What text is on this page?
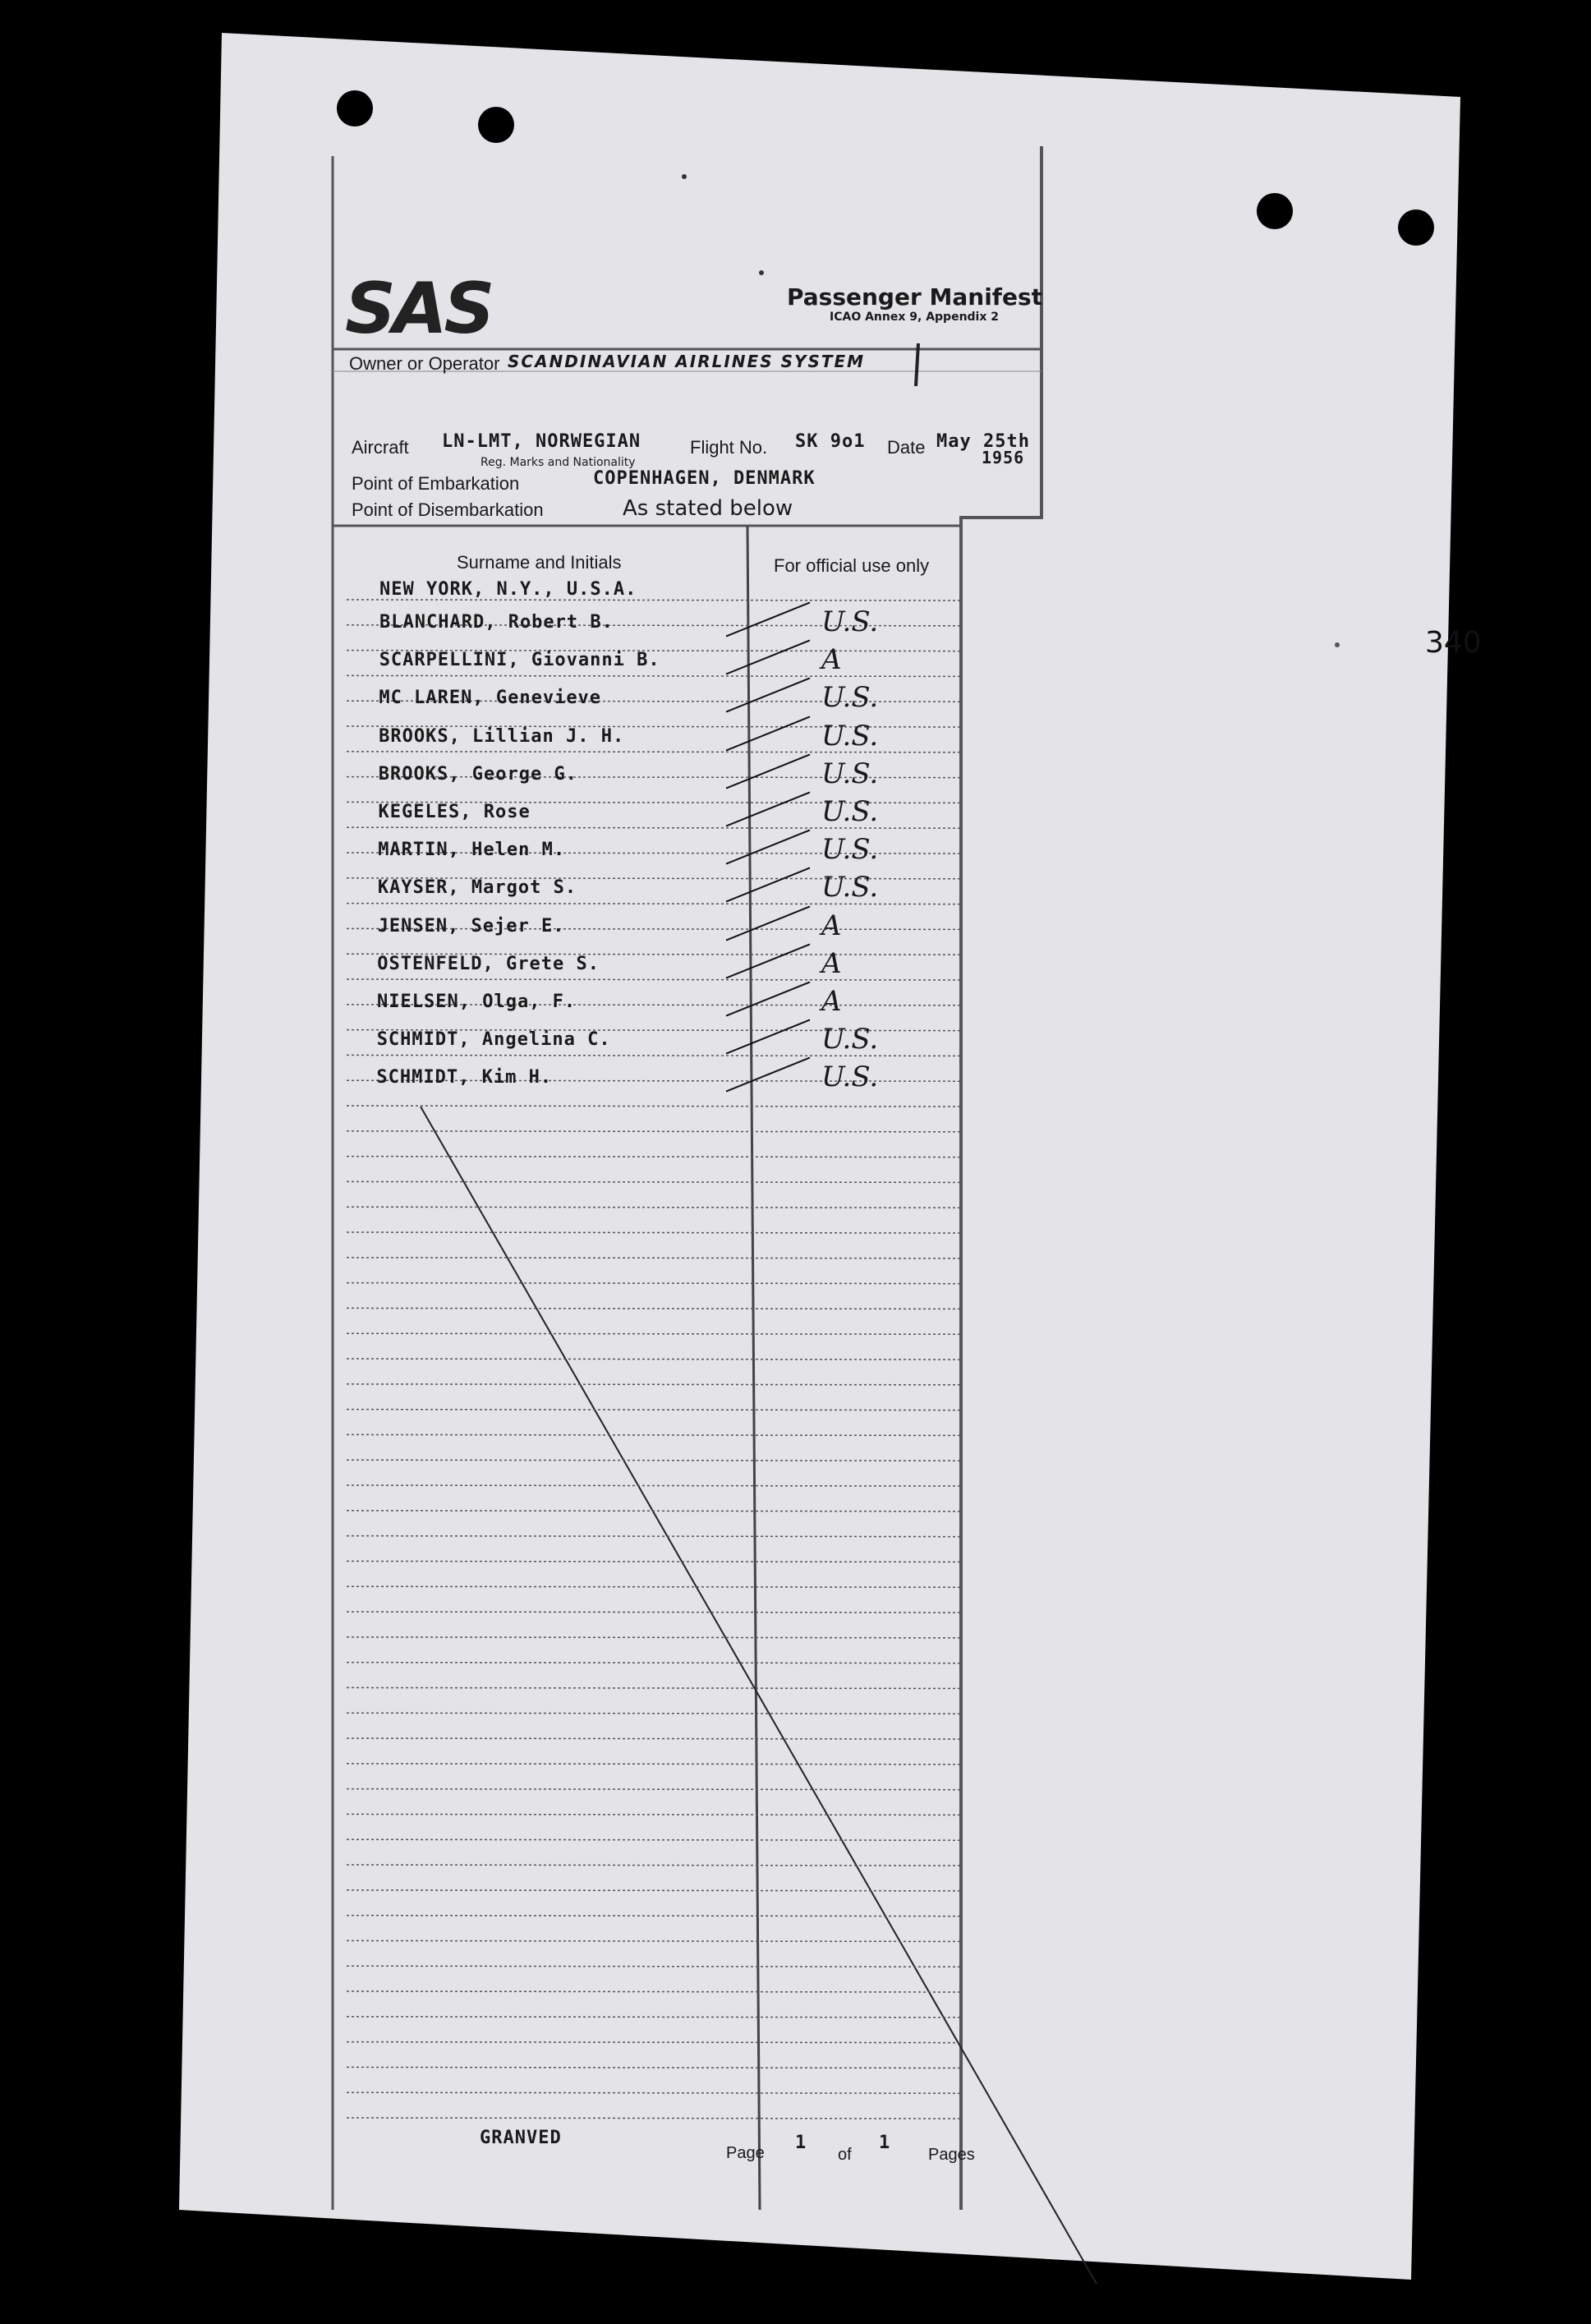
SAS	Passenger Manifest
ICAO Annex 9, Appendix 2
Owner or Operator SCANDINAVIAN AIRLINES SYSTEM
Aircraft LN-LMT, NORWEGIAN
Reg. Marks and Nationality
Flight No. SK 9o1 Date May 25th
1956
Point of Embarkation	COPENHAGEN, DENMARK
Point of Disembarkation	As stated below
Surname and Initials	For official use only
NEW YORK, N.Y., U.S.A.
BLANCHARD, Robert B.	U.S.
SCARPELLINI, Giovanni B.	A
MC LAREN, Genevieve	U.S.
BROOKS, Lillian J. H.	U.S.
BROOKS, George G.	U.S.
KEGELES, Rose	U.S.
MARTIN, Helen M.	U.S.
KAYSER, Margot S.	U.S.
JENSEN, Sejer E.	A
OSTENFELD, Grete S.	A
NIELSEN, Olga, F.	A
SCHMIDT, Angelina C.	U.S.
SCHMIDT, Kim H.	U.S.
GRANVED
Page 1
of
1
Pages
340
